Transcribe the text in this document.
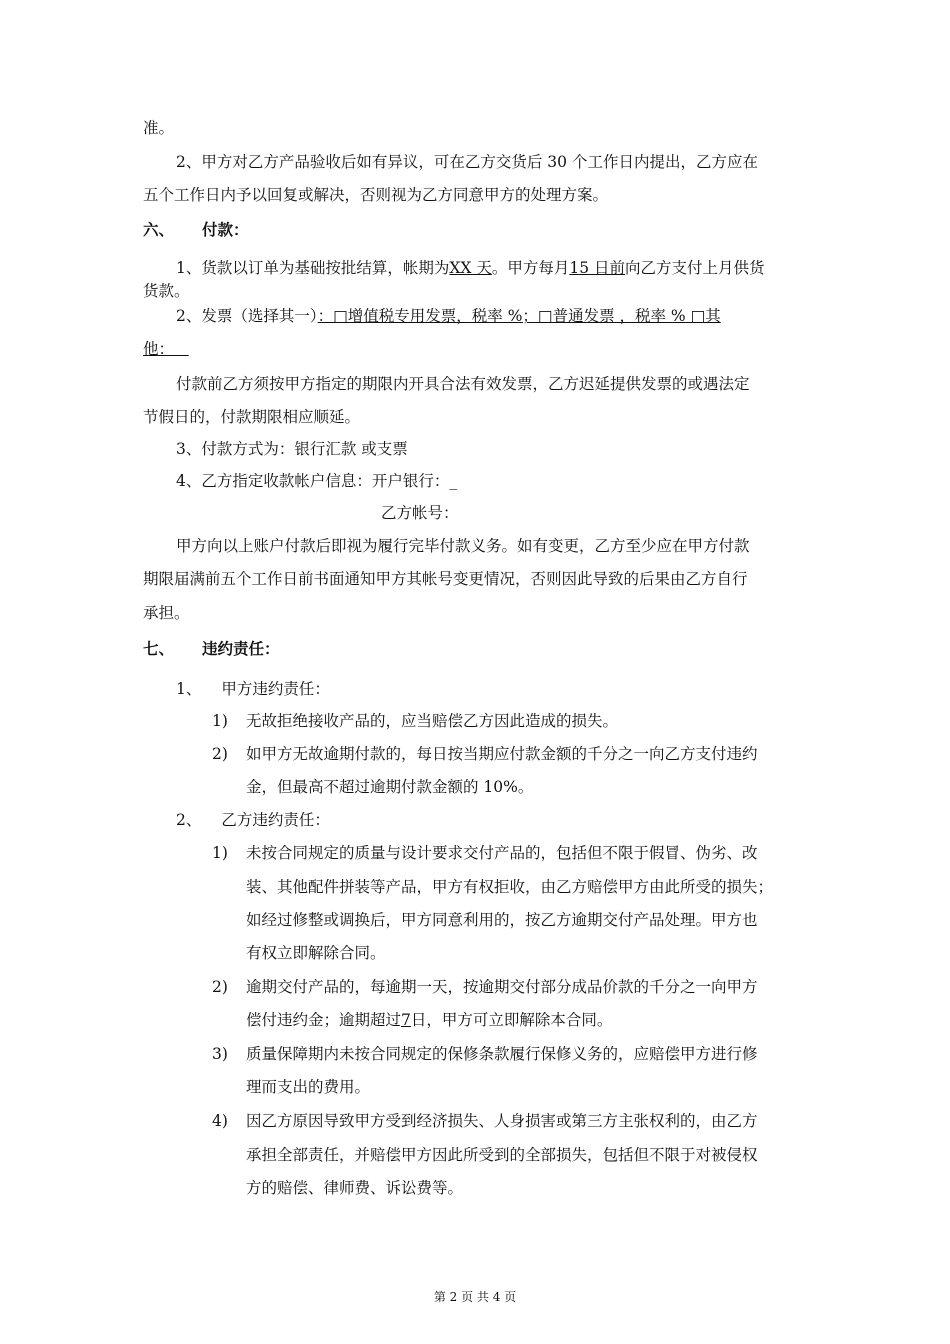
准。
2、甲方对乙方产品验收后如有异议，可在乙方交货后 30 个工作日内提出，乙方应在
五个工作日内予以回复或解决，否则视为乙方同意甲方的处理方案。
六、 付款：
1、货款以订单为基础按批结算，帐期为XX 天。甲方每月15 日前向乙方支付上月供货
货款。
2、发票（选择其一）：□增值税专用发票，税率 %；□普通发票 ，税率 % □其
他：
付款前乙方须按甲方指定的期限内开具合法有效发票，乙方迟延提供发票的或遇法定
节假日的，付款期限相应顺延。
3、付款方式为：银行汇款 或支票
4、乙方指定收款帐户信息：开户银行：_
乙方帐号：
甲方向以上账户付款后即视为履行完毕付款义务。如有变更，乙方至少应在甲方付款
期限届满前五个工作日前书面通知甲方其帐号变更情况，否则因此导致的后果由乙方自行
承担。
七、 违约责任：
1、 甲方违约责任：
1) 无故拒绝接收产品的，应当赔偿乙方因此造成的损失。
2) 如甲方无故逾期付款的，每日按当期应付款金额的千分之一向乙方支付违约
金，但最高不超过逾期付款金额的 10%。
2、 乙方违约责任：
1) 未按合同规定的质量与设计要求交付产品的，包括但不限于假冒、伪劣、改
装、其他配件拼装等产品，甲方有权拒收，由乙方赔偿甲方由此所受的损失；
如经过修整或调换后，甲方同意利用的，按乙方逾期交付产品处理。甲方也
有权立即解除合同。
2) 逾期交付产品的，每逾期一天，按逾期交付部分成品价款的千分之一向甲方
偿付违约金；逾期超过7日，甲方可立即解除本合同。
3) 质量保障期内未按合同规定的保修条款履行保修义务的，应赔偿甲方进行修
理而支出的费用。
4) 因乙方原因导致甲方受到经济损失、人身损害或第三方主张权利的，由乙方
承担全部责任，并赔偿甲方因此所受到的全部损失，包括但不限于对被侵权
方的赔偿、律师费、诉讼费等。
第 2 页 共 4 页
